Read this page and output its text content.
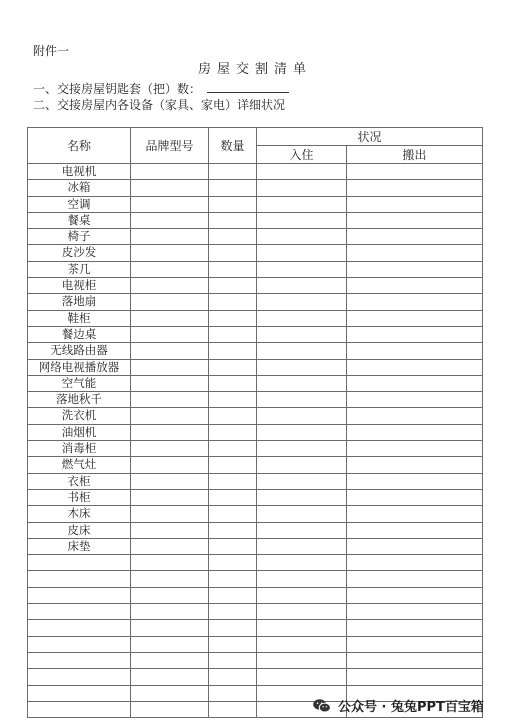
附件一
房屋交割清单
一、交接房屋钥匙套（把）数：
二、交接房屋内各设备（家具、家电）详细状况
名称	品牌型号	数量	状况	
			入住	搬出
电视机				
冰箱				
空调				
餐桌				
椅子				
皮沙发				
茶几				
电视柜				
落地扇				
鞋柜				
餐边桌				
无线路由器				
网络电视播放器				
空气能				
落地秋千				
洗衣机				
油烟机				
消毒柜				
燃气灶				
衣柜				
书柜				
木床				
皮床				
床垫				

公众号 · 兔兔PPT百宝箱
